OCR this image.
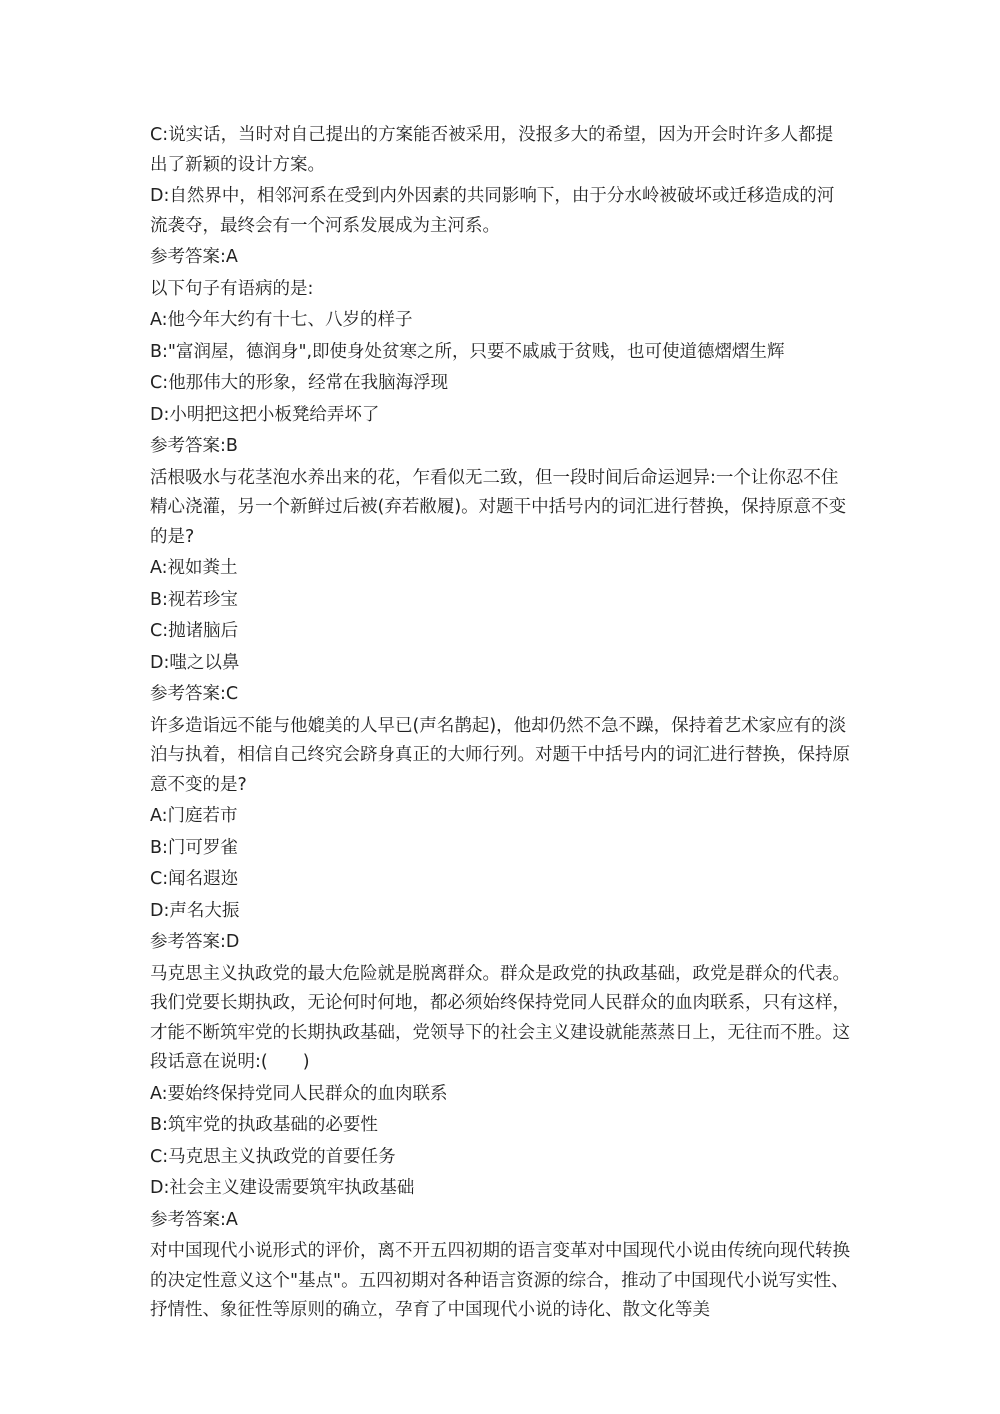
C:说实话，当时对自己提出的方案能否被采用，没报多大的希望，因为开会时许多人都提出了新颖的设计方案。
D:自然界中，相邻河系在受到内外因素的共同影响下，由于分水岭被破坏或迁移造成的河流袭夺，最终会有一个河系发展成为主河系。
参考答案:A
以下句子有语病的是:
A:他今年大约有十七、八岁的样子
B:"富润屋，德润身",即使身处贫寒之所，只要不戚戚于贫贱，也可使道德熠熠生辉
C:他那伟大的形象，经常在我脑海浮现
D:小明把这把小板凳给弄坏了
参考答案:B
活根吸水与花茎泡水养出来的花，乍看似无二致，但一段时间后命运迥异:一个让你忍不住精心浇灌，另一个新鲜过后被(弃若敝履)。对题干中括号内的词汇进行替换，保持原意不变的是?
A:视如粪土
B:视若珍宝
C:抛诸脑后
D:嗤之以鼻
参考答案:C
许多造诣远不能与他媲美的人早已(声名鹊起)，他却仍然不急不躁，保持着艺术家应有的淡泊与执着，相信自己终究会跻身真正的大师行列。对题干中括号内的词汇进行替换，保持原意不变的是?
A:门庭若市
B:门可罗雀
C:闻名遐迩
D:声名大振
参考答案:D
马克思主义执政党的最大危险就是脱离群众。群众是政党的执政基础，政党是群众的代表。我们党要长期执政，无论何时何地，都必须始终保持党同人民群众的血肉联系，只有这样，才能不断筑牢党的长期执政基础，党领导下的社会主义建设就能蒸蒸日上，无往而不胜。这段话意在说明:(　　)
A:要始终保持党同人民群众的血肉联系
B:筑牢党的执政基础的必要性
C:马克思主义执政党的首要任务
D:社会主义建设需要筑牢执政基础
参考答案:A
对中国现代小说形式的评价，离不开五四初期的语言变革对中国现代小说由传统向现代转换的决定性意义这个"基点"。五四初期对各种语言资源的综合，推动了中国现代小说写实性、抒情性、象征性等原则的确立，孕育了中国现代小说的诗化、散文化等美
